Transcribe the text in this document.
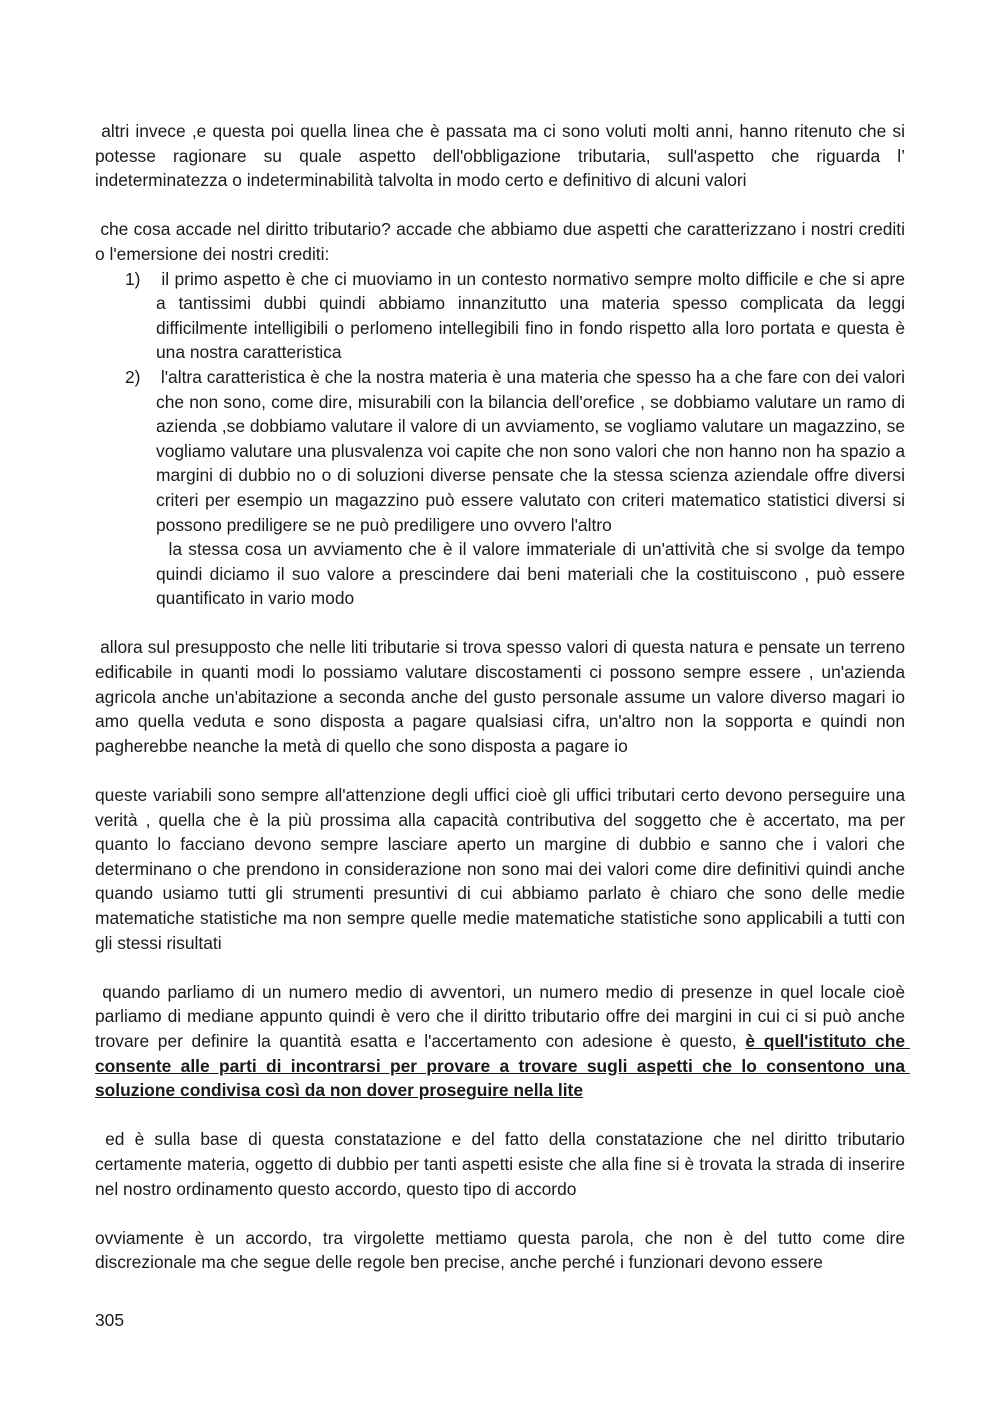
altri invece ,e questa poi quella linea che è passata ma ci sono voluti molti anni, hanno ritenuto che si potesse ragionare su quale aspetto dell'obbligazione tributaria, sull'aspetto che riguarda l’ indeterminatezza o indeterminabilità talvolta in modo certo e definitivo di alcuni valori

che cosa accade nel diritto tributario? accade che abbiamo due aspetti che caratterizzano i nostri crediti o l'emersione dei nostri crediti:

1) il primo aspetto è che ci muoviamo in un contesto normativo sempre molto difficile e che si apre a tantissimi dubbi quindi abbiamo innanzitutto una materia spesso complicata da leggi difficilmente intelligibili o perlomeno intellegibili fino in fondo rispetto alla loro portata e questa è una nostra caratteristica
2) l'altra caratteristica è che la nostra materia è una materia che spesso ha a che fare con dei valori che non sono, come dire, misurabili con la bilancia dell'orefice , se dobbiamo valutare un ramo di azienda ,se dobbiamo valutare il valore di un avviamento, se vogliamo valutare un magazzino, se vogliamo valutare una plusvalenza voi capite che non sono valori che non hanno non ha spazio a margini di dubbio no o di soluzioni diverse pensate che la stessa scienza aziendale offre diversi criteri per esempio un magazzino può essere valutato con criteri matematico statistici diversi si possono prediligere se ne può prediligere uno ovvero l'altro
la stessa cosa un avviamento che è il valore immateriale di un'attività che si svolge da tempo quindi diciamo il suo valore a prescindere dai beni materiali che la costituiscono , può essere quantificato in vario modo

allora sul presupposto che nelle liti tributarie si trova spesso valori di questa natura e pensate un terreno edificabile in quanti modi lo possiamo valutare discostamenti ci possono sempre essere , un'azienda agricola anche un'abitazione a seconda anche del gusto personale assume un valore diverso magari io amo quella veduta e sono disposta a pagare qualsiasi cifra, un'altro non la sopporta e quindi non pagherebbe neanche la metà di quello che sono disposta a pagare io

queste variabili sono sempre all'attenzione degli uffici cioè gli uffici tributari certo devono perseguire una verità , quella che è la più prossima alla capacità contributiva del soggetto che è accertato, ma per quanto lo facciano devono sempre lasciare aperto un margine di dubbio e sanno che i valori che determinano o che prendono in considerazione non sono mai dei valori come dire definitivi quindi anche quando usiamo tutti gli strumenti presuntivi di cui abbiamo parlato è chiaro che sono delle medie matematiche statistiche ma non sempre quelle medie matematiche statistiche sono applicabili a tutti con gli stessi risultati

quando parliamo di un numero medio di avventori, un numero medio di presenze in quel locale cioè parliamo di mediane appunto quindi è vero che il diritto tributario offre dei margini in cui ci si può anche trovare per definire la quantità esatta e l'accertamento con adesione è questo, è quell'istituto che consente alle parti di incontrarsi per provare a trovare sugli aspetti che lo consentono una soluzione condivisa così da non dover proseguire nella lite

ed è sulla base di questa constatazione e del fatto della constatazione che nel diritto tributario certamente materia, oggetto di dubbio per tanti aspetti esiste che alla fine si è trovata la strada di inserire nel nostro ordinamento questo accordo, questo tipo di accordo

ovviamente è un accordo, tra virgolette mettiamo questa parola, che non è del tutto come dire discrezionale ma che segue delle regole ben precise, anche perché i funzionari devono essere

305
